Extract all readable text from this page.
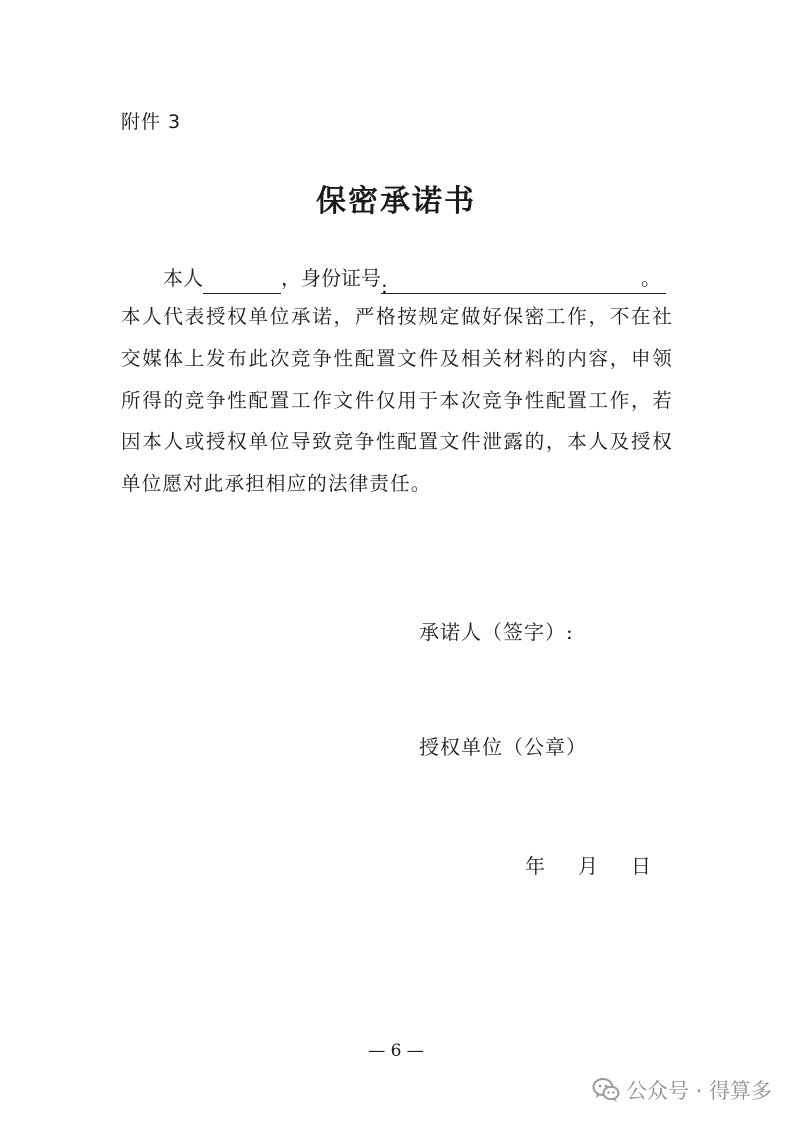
附件 3
保密承诺书
本人	，身份证号:	。
本人代表授权单位承诺，严格按规定做好保密工作，不在社交媒体上发布此次竞争性配置文件及相关材料的内容，申领所得的竞争性配置工作文件仅用于本次竞争性配置工作，若因本人或授权单位导致竞争性配置文件泄露的，本人及授权单位愿对此承担相应的法律责任。
承诺人（签字）:
授权单位（公章）
年 月 日
— 6 —
公众号 · 得算多
